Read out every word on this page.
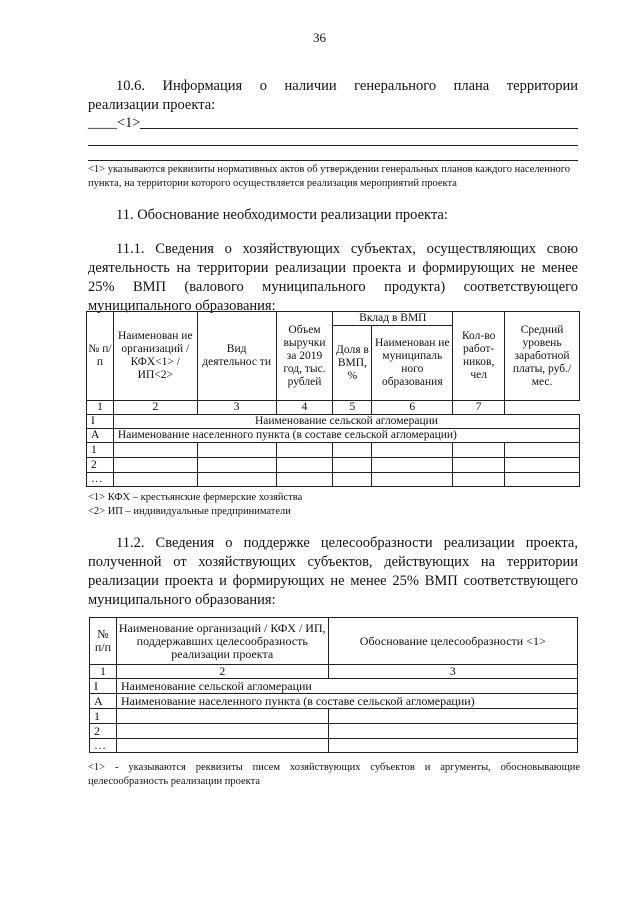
36
10.6. Информация о наличии генерального плана территории
реализации проекта:
____<1>
<1> указываются реквизиты нормативных актов об утверждении генеральных планов каждого населенного
пункта, на территории которого осуществляется реализация мероприятий проекта
11. Обоснование необходимости реализации проекта:
11.1. Сведения о хозяйствующих субъектах, осуществляющих свою
деятельность на территории реализации проекта и формирующих не менее
25% ВМП (валового муниципального продукта) соответствующего
муниципального образования:
№ п/п	Наименован ие организаций / КФХ<1> / ИП<2>	Вид деятельнос ти	Объем выручки за 2019 год, тыс. рублей	Вклад в ВМП		Кол-во работ- ников, чел	Средний уровень заработной платы, руб./ мес.
				Доля в ВМП, %	Наименован ие муниципаль ного образования		
1	2	3	4	5	6	7	
I	Наименование сельской агломерации						
А	Наименование населенного пункта (в составе сельской агломерации)						
1							
2							
…							
<1> КФХ – крестьянские фермерские хозяйства
<2> ИП – индивидуальные предприниматели
11.2. Сведения о поддержке целесообразности реализации проекта,
полученной от хозяйствующих субъектов, действующих на территории
реализации проекта и формирующих не менее 25% ВМП соответствующего
муниципального образования:
№ п/п	Наименование организаций / КФХ / ИП, поддержавших целесообразность реализации проекта	Обоснование целесообразности <1>
1	2	3
I	Наименование сельской агломерации	
А	Наименование населенного пункта (в составе сельской агломерации)	
1		
2		
…		
<1> - указываются реквизиты писем хозяйствующих субъектов и аргументы, обосновывающие
целесообразность реализации проекта
